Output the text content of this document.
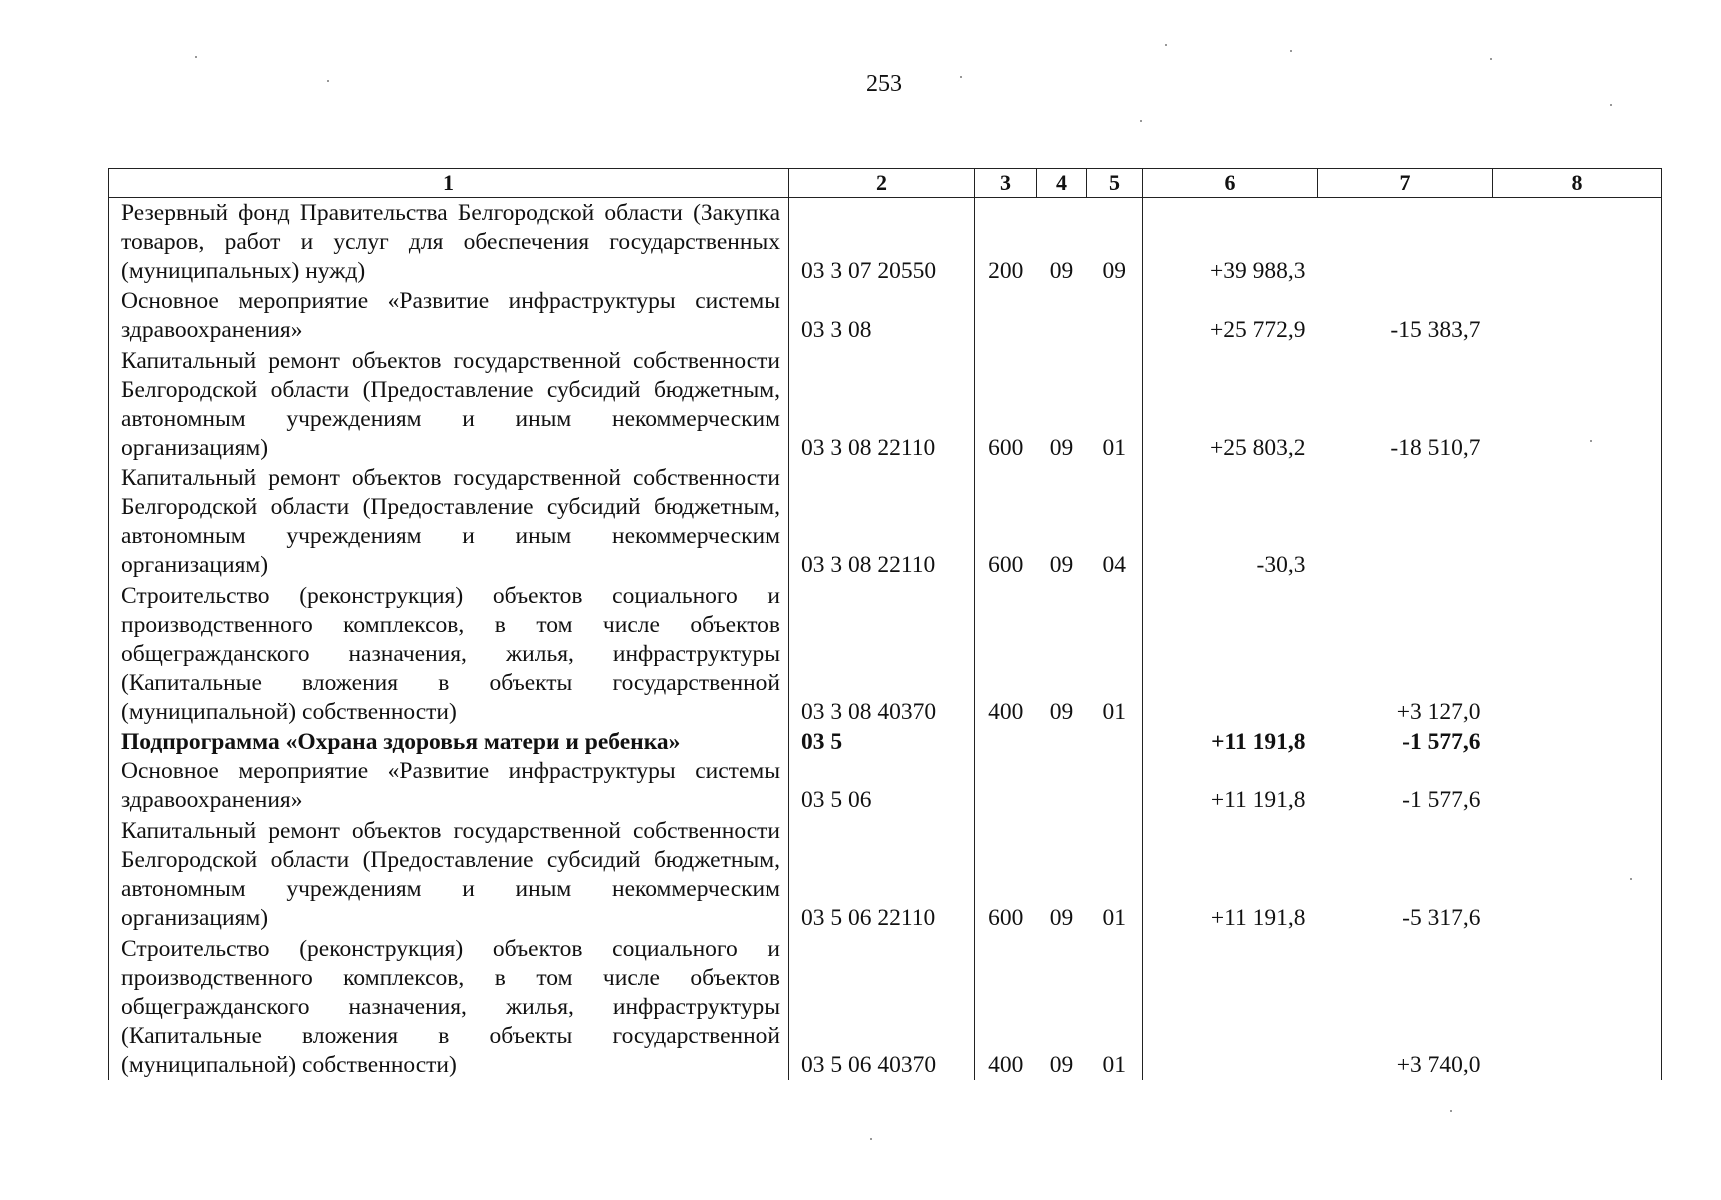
253
1	2	3	4	5	6	7	8
Резервный фонд Правительства Белгородской области (Закупка товаров, работ и услуг для обеспечения государственных (муниципальных) нужд)	03 3 07 20550	200	09	09	+39 988,3		
Основное мероприятие «Развитие инфраструктуры системы здравоохранения»	03 3 08				+25 772,9	-15 383,7	
Капитальный ремонт объектов государственной собственности Белгородской области (Предоставление субсидий бюджетным, автономным учреждениям и иным некоммерческим организациям)	03 3 08 22110	600	09	01	+25 803,2	-18 510,7	
Капитальный ремонт объектов государственной собственности Белгородской области (Предоставление субсидий бюджетным, автономным учреждениям и иным некоммерческим организациям)	03 3 08 22110	600	09	04	-30,3		
Строительство (реконструкция) объектов социального и производственного комплексов, в том числе объектов общегражданского назначения, жилья, инфраструктуры (Капитальные вложения в объекты государственной (муниципальной) собственности)	03 3 08 40370	400	09	01		+3 127,0	
Подпрограмма «Охрана здоровья матери и ребенка»	03 5				+11 191,8	-1 577,6	
Основное мероприятие «Развитие инфраструктуры системы здравоохранения»	03 5 06				+11 191,8	-1 577,6	
Капитальный ремонт объектов государственной собственности Белгородской области (Предоставление субсидий бюджетным, автономным учреждениям и иным некоммерческим организациям)	03 5 06 22110	600	09	01	+11 191,8	-5 317,6	
Строительство (реконструкция) объектов социального и производственного комплексов, в том числе объектов общегражданского назначения, жилья, инфраструктуры (Капитальные вложения в объекты государственной (муниципальной) собственности)	03 5 06 40370	400	09	01		+3 740,0	
